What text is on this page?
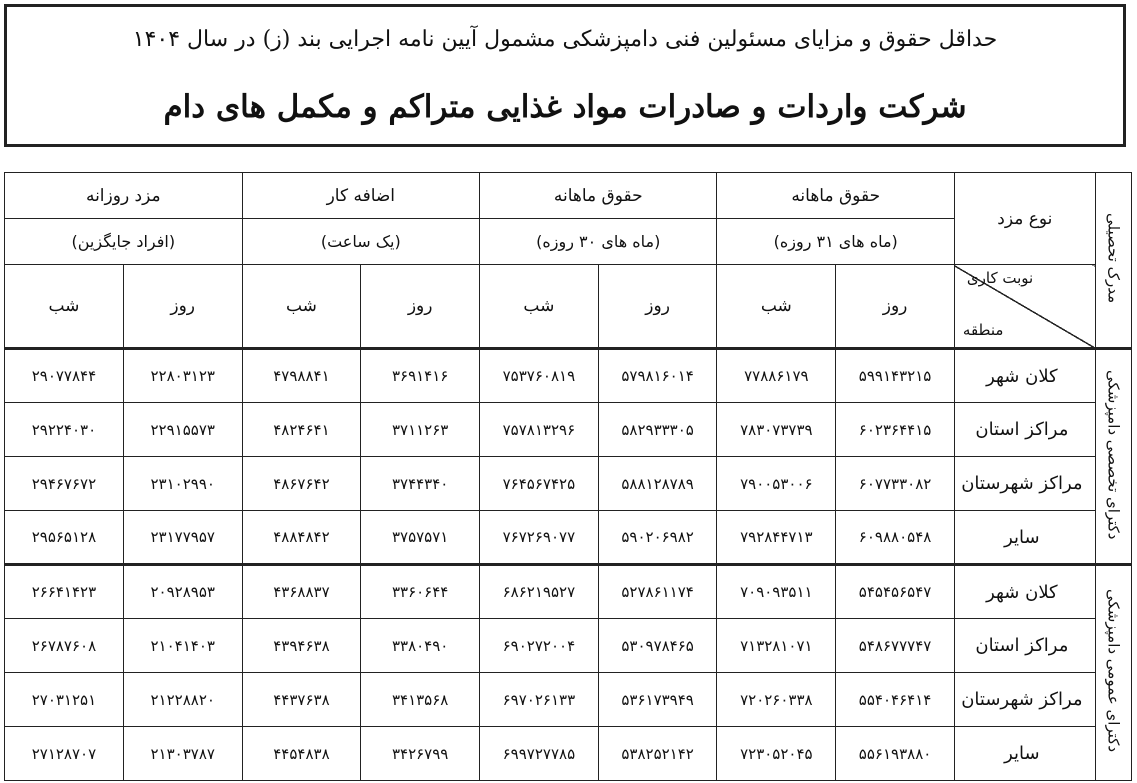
حداقل حقوق و مزایای مسئولین فنی دامپزشکی مشمول آیین نامه اجرایی بند (ز) در سال ۱۴۰۴
شرکت واردات و صادرات مواد غذایی متراکم و مکمل های دام
مدرک تحصیلی	نوع مزد	حقوق ماهانه		حقوق ماهانه		اضافه کار		مزد روزانه	
		(ماه های ۳۱ روزه)		(ماه های ۳۰ روزه)		(یک ساعت)		(افراد جایگزین)	

	نوبت کاری
منطقه	روز	شب	روز	شب	روز	شب	روز	شب
دکترای تخصصی دامپزشکی	کلان شهر	۵۹۹۱۴۳۲۱۵	۷۷۸۸۶۱۷۹	۵۷۹۸۱۶۰۱۴	۷۵۳۷۶۰۸۱۹	۳۶۹۱۴۱۶	۴۷۹۸۸۴۱	۲۲۸۰۳۱۲۳	۲۹۰۷۷۸۴۴
	مراکز استان	۶۰۲۳۶۴۴۱۵	۷۸۳۰۷۳۷۳۹	۵۸۲۹۳۳۳۰۵	۷۵۷۸۱۳۲۹۶	۳۷۱۱۲۶۳	۴۸۲۴۶۴۱	۲۲۹۱۵۵۷۳	۲۹۲۲۴۰۳۰
	مراکز شهرستان	۶۰۷۷۳۳۰۸۲	۷۹۰۰۵۳۰۰۶	۵۸۸۱۲۸۷۸۹	۷۶۴۵۶۷۴۲۵	۳۷۴۴۳۴۰	۴۸۶۷۶۴۲	۲۳۱۰۲۹۹۰	۲۹۴۶۷۶۷۲
	سایر	۶۰۹۸۸۰۵۴۸	۷۹۲۸۴۴۷۱۳	۵۹۰۲۰۶۹۸۲	۷۶۷۲۶۹۰۷۷	۳۷۵۷۵۷۱	۴۸۸۴۸۴۲	۲۳۱۷۷۹۵۷	۲۹۵۶۵۱۲۸
دکترای عمومی دامپزشکی	کلان شهر	۵۴۵۴۵۶۵۴۷	۷۰۹۰۹۳۵۱۱	۵۲۷۸۶۱۱۷۴	۶۸۶۲۱۹۵۲۷	۳۳۶۰۶۴۴	۴۳۶۸۸۳۷	۲۰۹۲۸۹۵۳	۲۶۶۴۱۴۲۳
	مراکز استان	۵۴۸۶۷۷۷۴۷	۷۱۳۲۸۱۰۷۱	۵۳۰۹۷۸۴۶۵	۶۹۰۲۷۲۰۰۴	۳۳۸۰۴۹۰	۴۳۹۴۶۳۸	۲۱۰۴۱۴۰۳	۲۶۷۸۷۶۰۸
	مراکز شهرستان	۵۵۴۰۴۶۴۱۴	۷۲۰۲۶۰۳۳۸	۵۳۶۱۷۳۹۴۹	۶۹۷۰۲۶۱۳۳	۳۴۱۳۵۶۸	۴۴۳۷۶۳۸	۲۱۲۲۸۸۲۰	۲۷۰۳۱۲۵۱
	سایر	۵۵۶۱۹۳۸۸۰	۷۲۳۰۵۲۰۴۵	۵۳۸۲۵۲۱۴۲	۶۹۹۷۲۷۷۸۵	۳۴۲۶۷۹۹	۴۴۵۴۸۳۸	۲۱۳۰۳۷۸۷	۲۷۱۲۸۷۰۷
